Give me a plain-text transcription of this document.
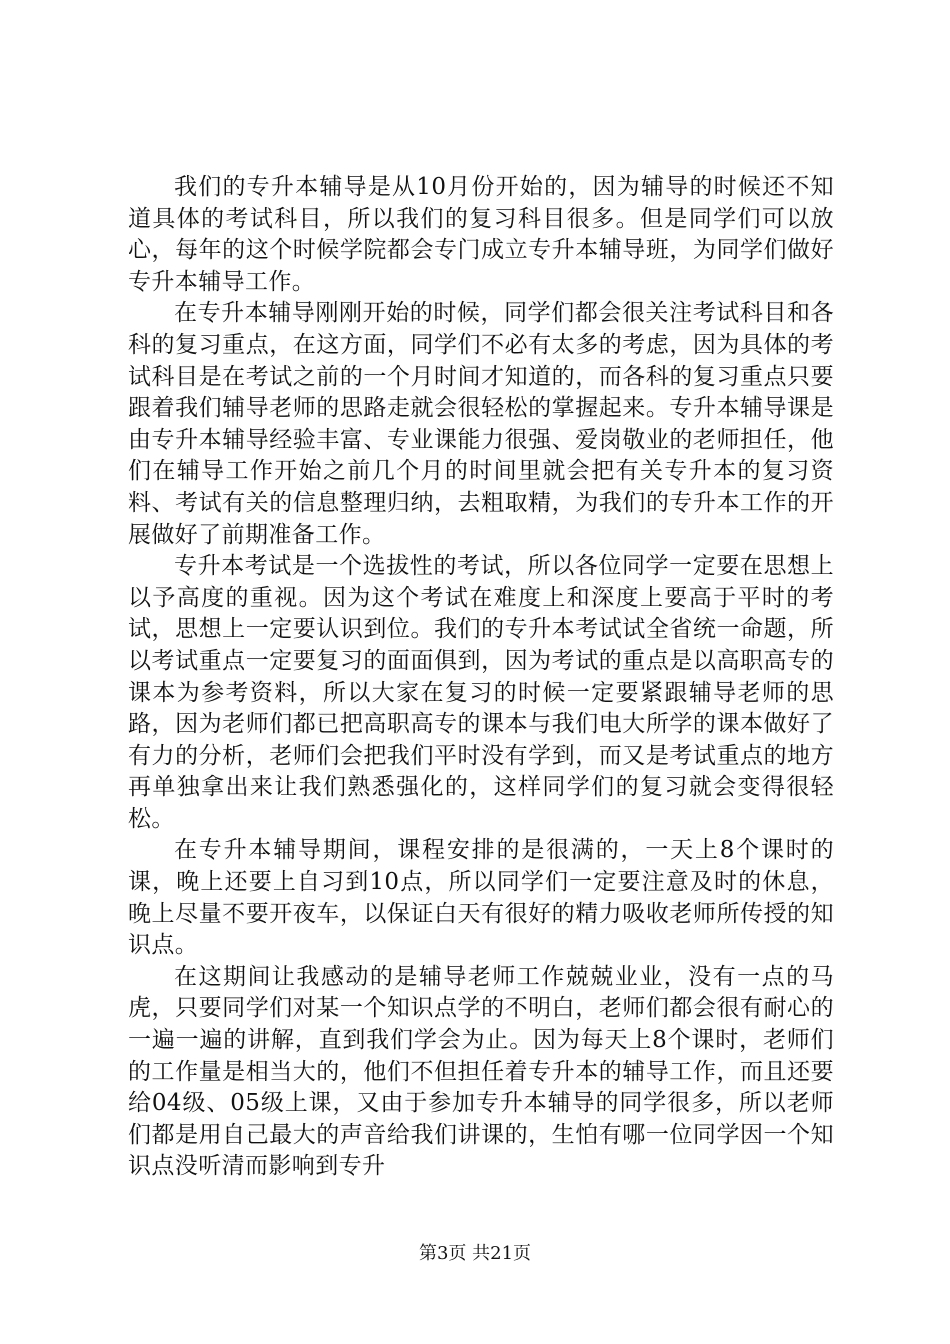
我们的专升本辅导是从10月份开始的，因为辅导的时候还不知道具体的考试科目，所以我们的复习科目很多。但是同学们可以放心，每年的这个时候学院都会专门成立专升本辅导班，为同学们做好专升本辅导工作。

在专升本辅导刚刚开始的时候，同学们都会很关注考试科目和各科的复习重点，在这方面，同学们不必有太多的考虑，因为具体的考试科目是在考试之前的一个月时间才知道的，而各科的复习重点只要跟着我们辅导老师的思路走就会很轻松的掌握起来。专升本辅导课是由专升本辅导经验丰富、专业课能力很强、爱岗敬业的老师担任，他们在辅导工作开始之前几个月的时间里就会把有关专升本的复习资料、考试有关的信息整理归纳，去粗取精，为我们的专升本工作的开展做好了前期准备工作。

专升本考试是一个选拔性的考试，所以各位同学一定要在思想上以予高度的重视。因为这个考试在难度上和深度上要高于平时的考试，思想上一定要认识到位。我们的专升本考试试全省统一命题，所以考试重点一定要复习的面面俱到，因为考试的重点是以高职高专的课本为参考资料，所以大家在复习的时候一定要紧跟辅导老师的思路，因为老师们都已把高职高专的课本与我们电大所学的课本做好了有力的分析，老师们会把我们平时没有学到，而又是考试重点的地方再单独拿出来让我们熟悉强化的，这样同学们的复习就会变得很轻松。

在专升本辅导期间，课程安排的是很满的，一天上8个课时的课，晚上还要上自习到10点，所以同学们一定要注意及时的休息，晚上尽量不要开夜车，以保证白天有很好的精力吸收老师所传授的知识点。

在这期间让我感动的是辅导老师工作兢兢业业，没有一点的马虎，只要同学们对某一个知识点学的不明白，老师们都会很有耐心的一遍一遍的讲解，直到我们学会为止。因为每天上8个课时，老师们的工作量是相当大的，他们不但担任着专升本的辅导工作，而且还要给04级、05级上课，又由于参加专升本辅导的同学很多，所以老师们都是用自己最大的声音给我们讲课的，生怕有哪一位同学因一个知识点没听清而影响到专升

第3页 共21页
